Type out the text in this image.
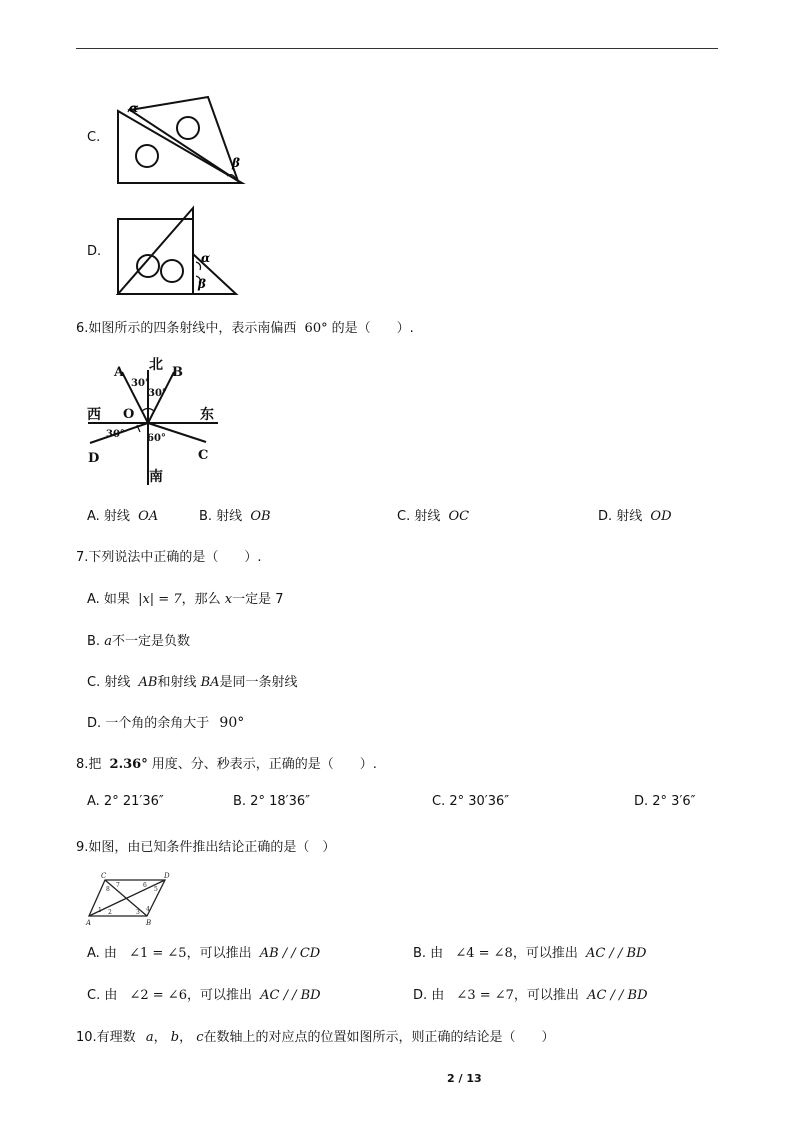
C.
α
β
D.	α
β
6.如图所示的四条射线中，表示南偏西 60° 的是（　　）.
北
南
西	东
A	B
C
D
O
30°
30°
30° 60°
A. 射线 OA	B. 射线 OB	C. 射线 OC	D. 射线 OD
7.下列说法中正确的是（　　）.
A. 如果 |x| = 7，那么 x一定是 7
B. a不一定是负数
C. 射线 AB和射线 BA是同一条射线
D. 一个角的余角大于 90°
8.把 2.36° 用度、分、秒表示，正确的是（　　）.
A. 2° 21′36″	B. 2° 18′36″	C. 2° 30′36″	D. 2° 3′6″
9.如图，由已知条件推出结论正确的是（　）
A	B
C	D
1 2	3 4
5
6
7
8
A. 由 ∠1 = ∠5，可以推出 AB / / CD	B. 由 ∠4 = ∠8，可以推出 AC / / BD
C. 由 ∠2 = ∠6，可以推出 AC / / BD	D. 由 ∠3 = ∠7，可以推出 AC / / BD
10.有理数 a， b， c在数轴上的对应点的位置如图所示，则正确的结论是（　　）
2 / 13
